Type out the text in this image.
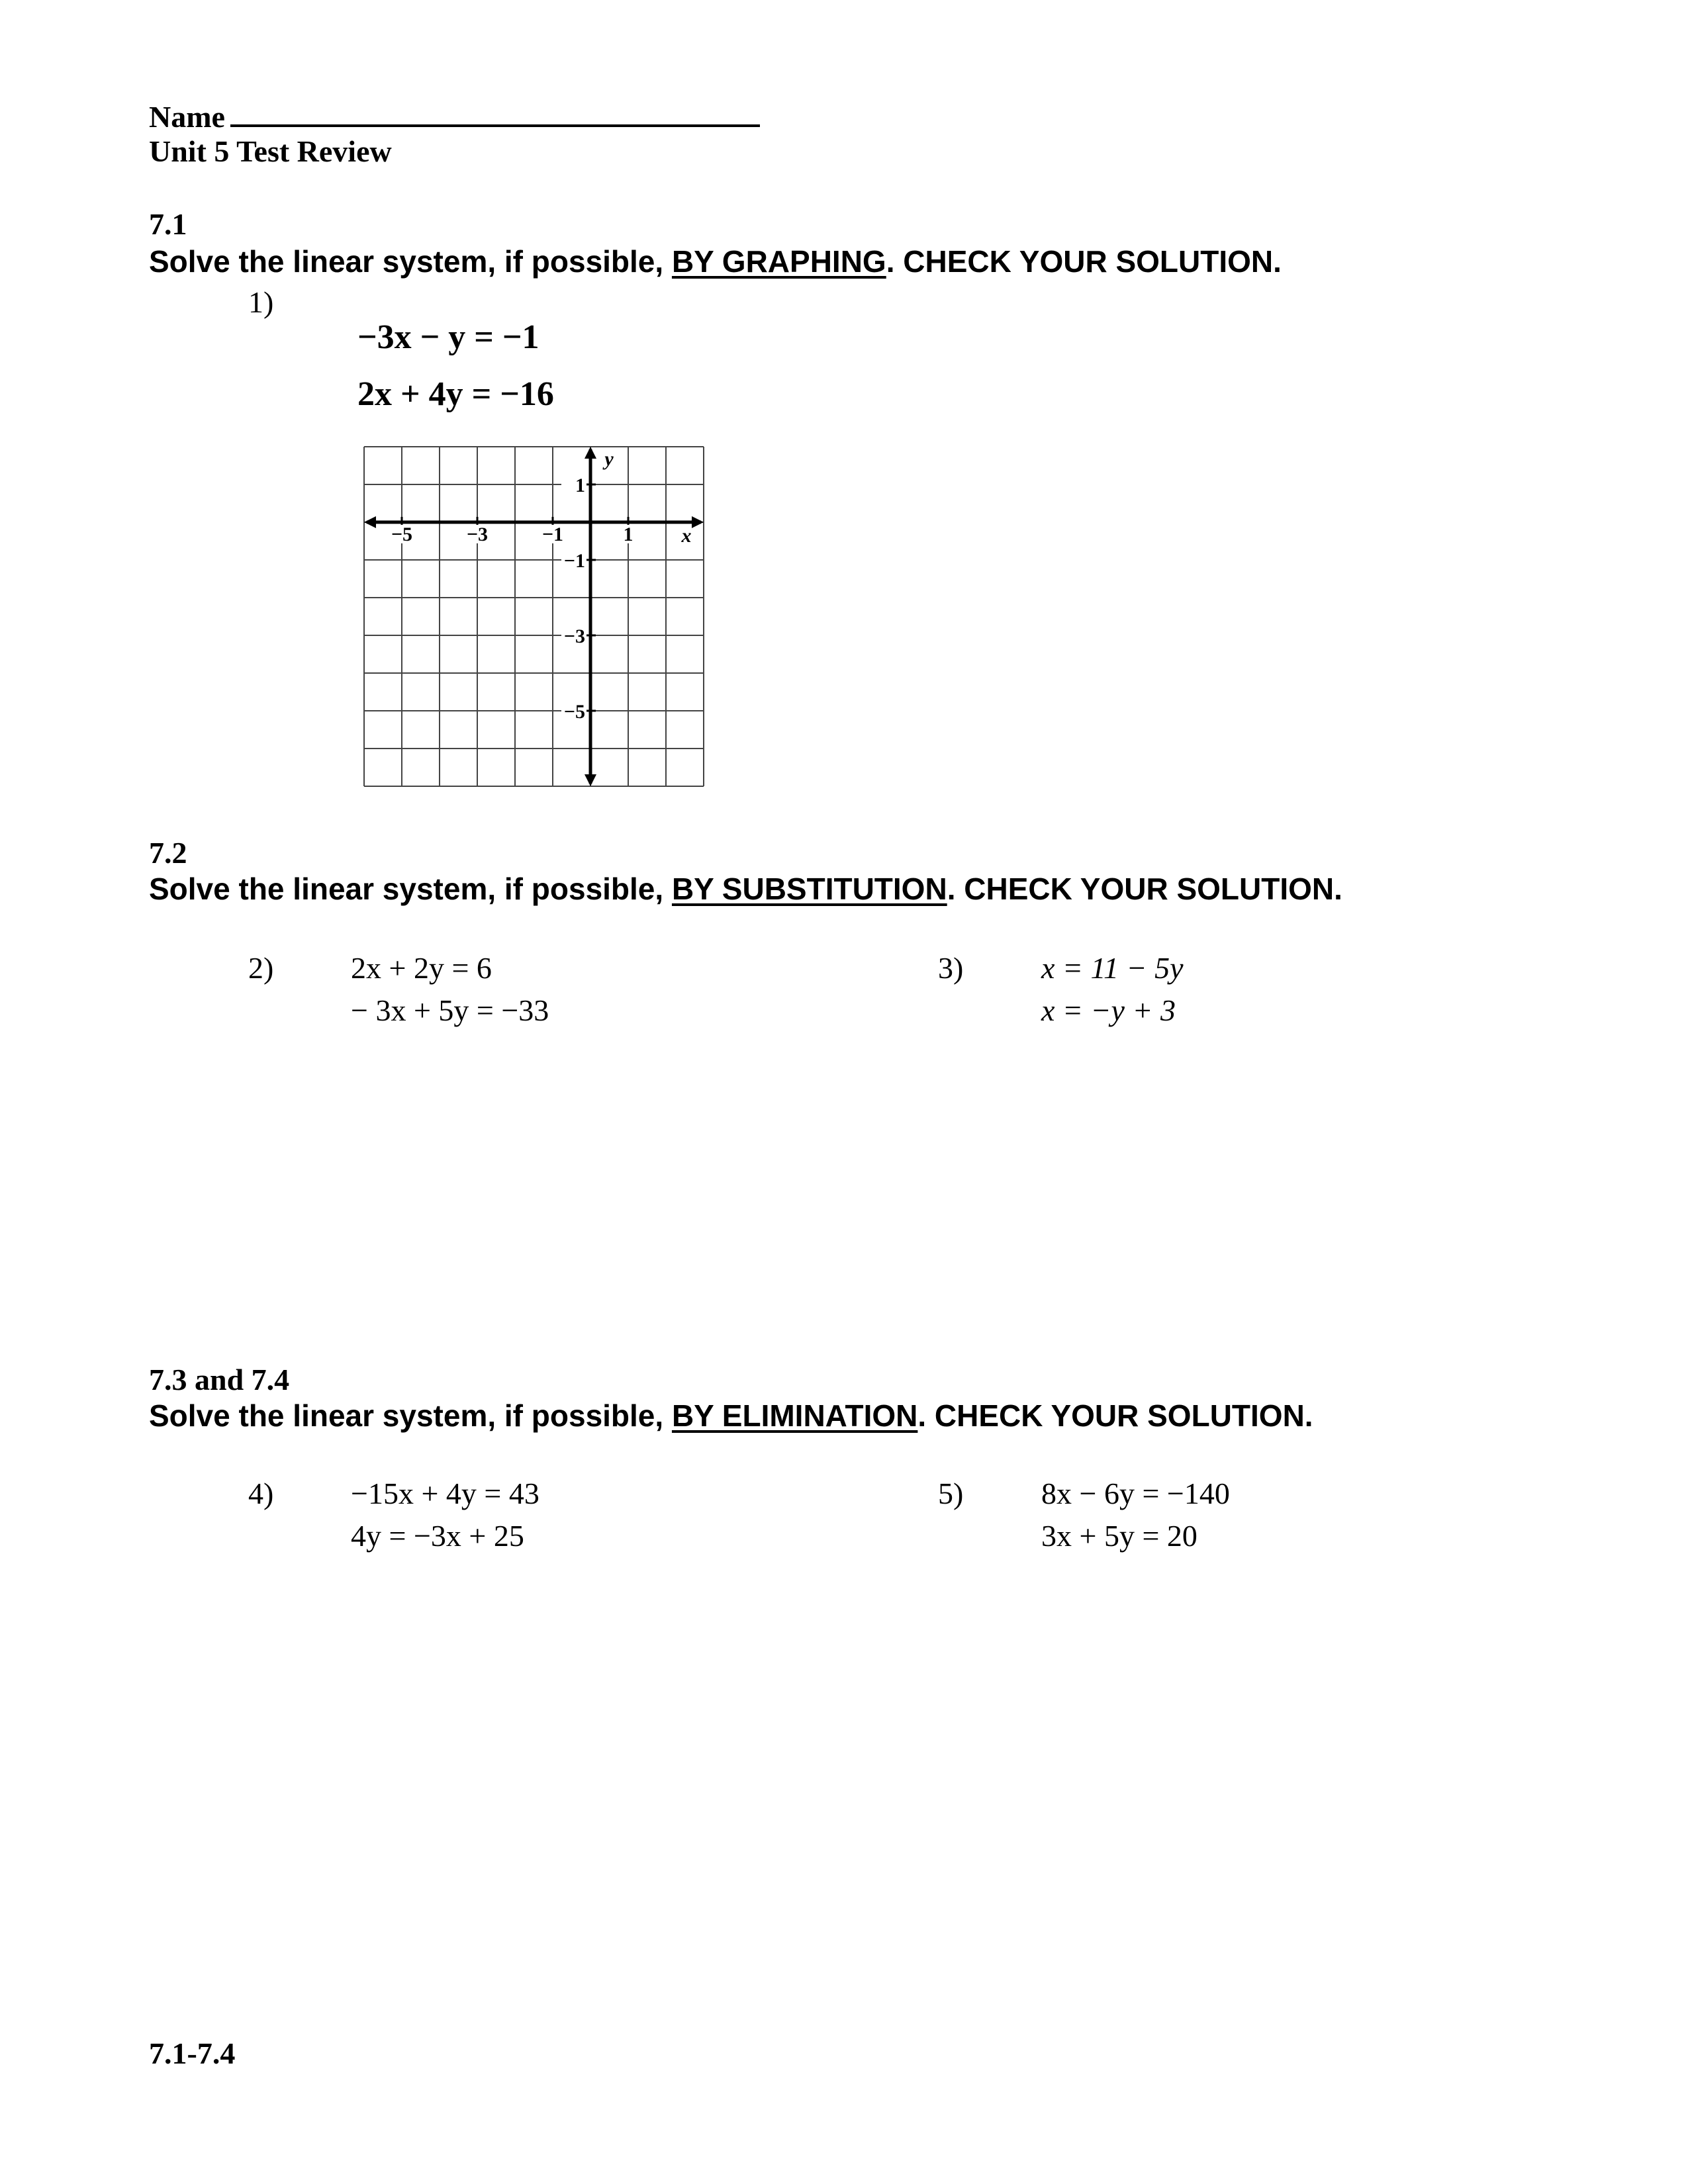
Name
Unit 5 Test Review
7.1
Solve the linear system, if possible, BY GRAPHING. CHECK YOUR SOLUTION.
1)
−3x − y = −1
2x + 4y = −16
−5	−3	−1	1
1
−1
−3
−5
x
y
7.2
Solve the linear system, if possible, BY SUBSTITUTION. CHECK YOUR SOLUTION.
2)	2x + 2y = 6
− 3x + 5y = −33
3)	x = 11 − 5y
x = −y + 3
7.3 and 7.4
Solve the linear system, if possible, BY ELIMINATION. CHECK YOUR SOLUTION.
4)	−15x + 4y = 43
4y = −3x + 25
5)	8x − 6y = −140
3x + 5y = 20
7.1-7.4
